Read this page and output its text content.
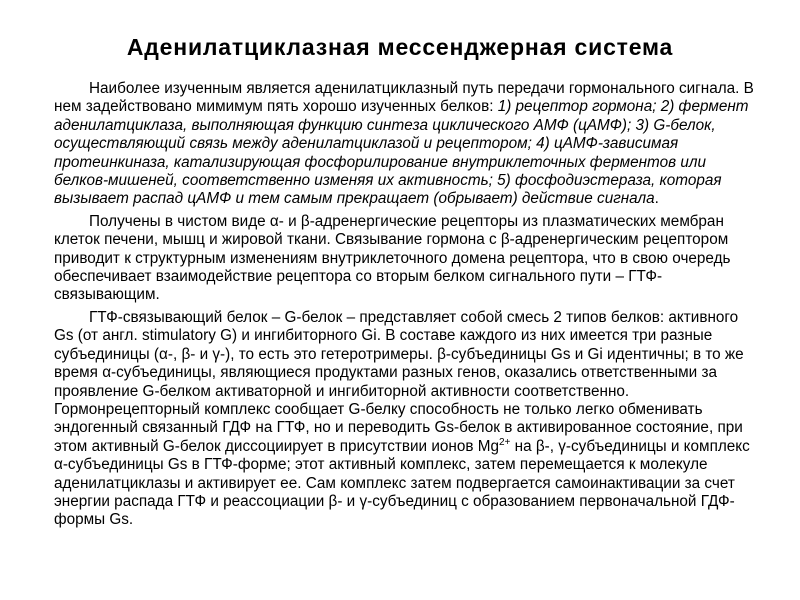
Аденилатциклазная мессенджерная система

Наиболее изученным является аденилатциклазный путь передачи гормонального сигнала. В нем задействовано мимимум пять хорошо изученных белков: 1) рецептор гормона; 2) фермент аденилатциклаза, выполняющая функцию синтеза циклического АМФ (цАМФ); 3) G-белок, осуществляющий связь между аденилатциклазой и рецептором; 4) цАМФ-зависимая протеинкиназа, катализирующая фосфорилирование внутриклеточных ферментов или белков-мишеней, соответственно изменяя их активность; 5) фосфодиэстераза, которая вызывает распад цАМФ и тем самым прекращает (обрывает) действие сигнала.

Получены в чистом виде α- и β-адренергические рецепторы из плазматических мембран клеток печени, мышц и жировой ткани. Связывание гормона с β-адренергическим рецептором приводит к структурным изменениям внутриклеточного домена рецептора, что в свою очередь обеспечивает взаимодействие рецептора со вторым белком сигнального пути – ГТФ-связывающим.

ГТФ-связывающий белок – G-белок – представляет собой смесь 2 типов белков: активного Gs (от англ. stimulatory G) и ингибиторного Gi. В составе каждого из них имеется три разные субъединицы (α-, β- и γ-), то есть это гетеротримеры. β-субъединицы Gs и Gi идентичны; в то же время α-субъединицы, являющиеся продуктами разных генов, оказались ответственными за проявление G-белком активаторной и ингибиторной активности соответственно. Гормонрецепторный комплекс сообщает G-белку способность не только легко обменивать эндогенный связанный ГДФ на ГТФ, но и переводить Gs-белок в активированное состояние, при этом активный G-белок диссоциирует в присутствии ионов $Mg^{2+}$ на β-, γ-субъединицы и комплекс α-субъединицы Gs в ГТФ-форме; этот активный комплекс, затем перемещается к молекуле аденилатциклазы и активирует ее. Сам комплекс затем подвергается самоинактивации за счет энергии распада ГТФ и реассоциации β- и γ-субъединиц с образованием первоначальной ГДФ-формы Gs.
